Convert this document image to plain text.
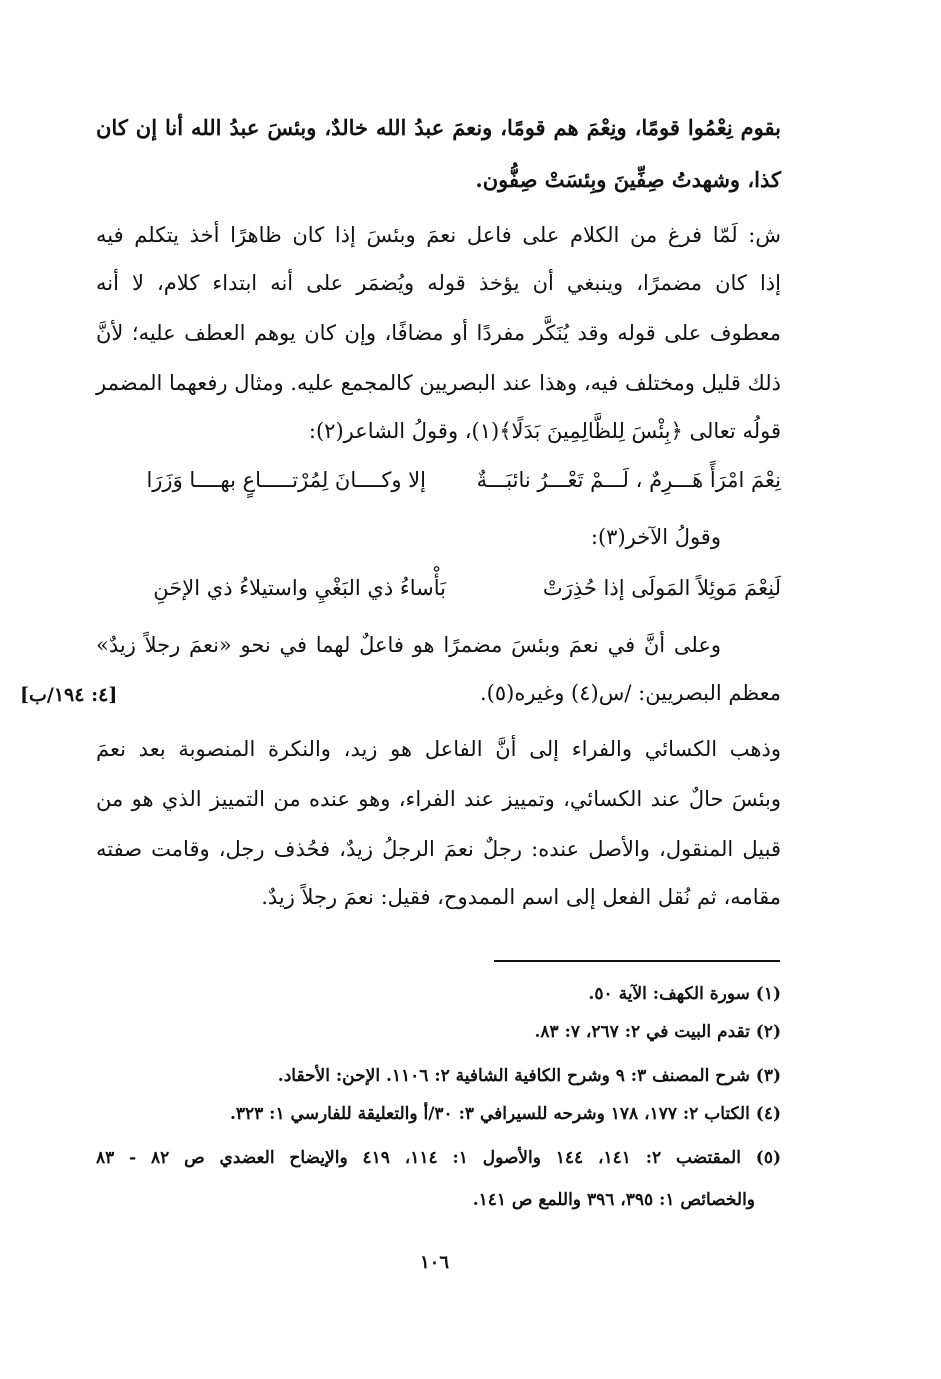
بقوم نِعْمُوا قومًا، ونِعْمَ هم قومًا، ونعمَ عبدُ الله خالدٌ، وبئسَ عبدُ الله أنا إن كان
كذا، وشهدتُ صِفِّينَ وبِئسَتْ صِفُّون.
ش: لَمّا فرغ من الكلام على فاعل نعمَ وبئسَ إذا كان ظاهرًا أخذ يتكلم فيه
إذا كان مضمرًا، وينبغي أن يؤخذ قوله ويُضمَر على أنه ابتداء كلام، لا أنه
معطوف على قوله وقد يُنَكَّر مفردًا أو مضافًا، وإن كان يوهم العطف عليه؛ لأنَّ
ذلك قليل ومختلف فيه، وهذا عند البصريين كالمجمع عليه. ومثال رفعهما المضمر
قولُه تعالى ﴿بِئْسَ لِلظَّالِمِينَ بَدَلًا﴾(١)، وقولُ الشاعر(٢):
نِعْمَ امْرَأً هَـــرِمٌ ، لَـــمْ تَعْـــرُ نائبَـــةٌ
إلا وكــــانَ لِمُرْتـــــاعٍ بهــــا وَزَرَا
وقولُ الآخر(٣):
لَنِعْمَ مَوئِلاً المَولَى إذا حُذِرَتْ
بَأْساءُ ذي البَغْيِ واستيلاءُ ذي الإحَنِ
وعلى أنَّ في نعمَ وبئسَ مضمرًا هو فاعلٌ لهما في نحو «نعمَ رجلاً زيدٌ»
معظم البصريين: /س(٤) وغيره(٥).
[٤: ١٩٤/ب]
وذهب الكسائي والفراء إلى أنَّ الفاعل هو زيد، والنكرة المنصوبة بعد نعمَ
وبئسَ حالٌ عند الكسائي، وتمييز عند الفراء، وهو عنده من التمييز الذي هو من
قبيل المنقول، والأصل عنده: رجلٌ نعمَ الرجلُ زيدٌ، فحُذف رجل، وقامت صفته
مقامه، ثم نُقل الفعل إلى اسم الممدوح، فقيل: نعمَ رجلاً زيدٌ.
(١) سورة الكهف: الآية ٥٠.
(٢) تقدم البيت في ٢: ٢٦٧، ٧: ٨٣.
(٣) شرح المصنف ٣: ٩ وشرح الكافية الشافية ٢: ١١٠٦. الإحن: الأحقاد.
(٤) الكتاب ٢: ١٧٧، ١٧٨ وشرحه للسيرافي ٣: ٣٠/أ والتعليقة للفارسي ١: ٣٢٣.
(٥) المقتضب ٢: ١٤١، ١٤٤ والأصول ١: ١١٤، ٤١٩ والإيضاح العضدي ص ٨٢ - ٨٣
والخصائص ١: ٣٩٥، ٣٩٦ واللمع ص ١٤١.
١٠٦
